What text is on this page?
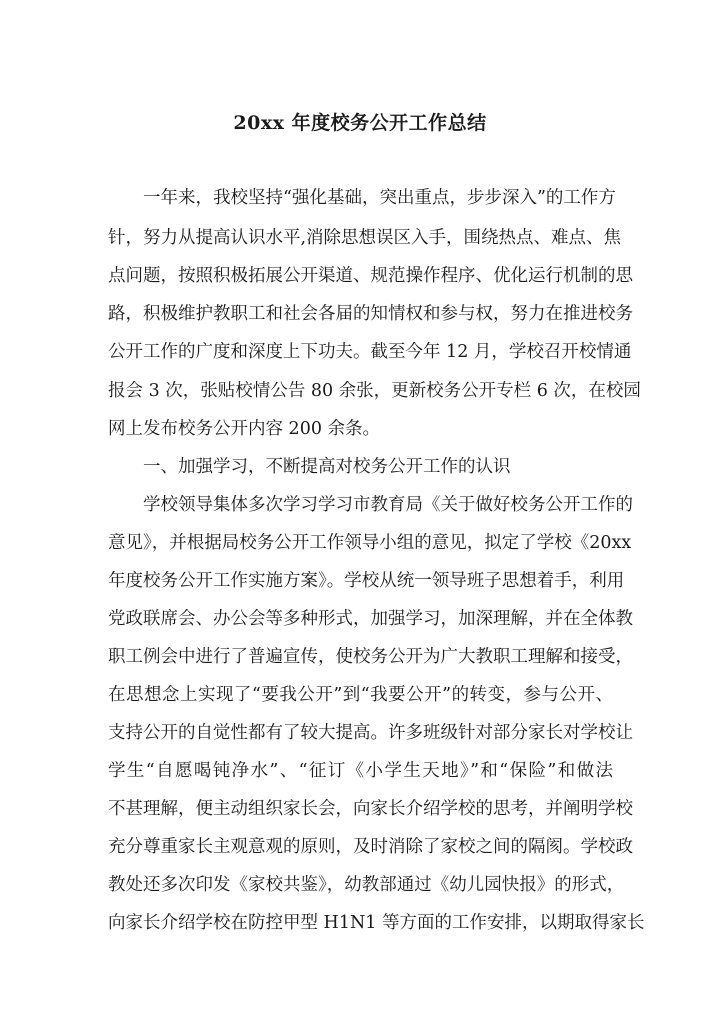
20xx 年度校务公开工作总结
一年来，我校坚持“强化基础，突出重点，步步深入”的工作方
针，努力从提高认识水平,消除思想误区入手，围绕热点、难点、焦
点问题，按照积极拓展公开渠道、规范操作程序、优化运行机制的思
路，积极维护教职工和社会各届的知情权和参与权，努力在推进校务
公开工作的广度和深度上下功夫。截至今年 12 月，学校召开校情通
报会 3 次，张贴校情公告 80 余张，更新校务公开专栏 6 次，在校园
网上发布校务公开内容 200 余条。
一、加强学习，不断提高对校务公开工作的认识
学校领导集体多次学习学习市教育局《关于做好校务公开工作的
意见》，并根据局校务公开工作领导小组的意见，拟定了学校《20xx
年度校务公开工作实施方案》。学校从统一领导班子思想着手，利用
党政联席会、办公会等多种形式，加强学习，加深理解，并在全体教
职工例会中进行了普遍宣传，使校务公开为广大教职工理解和接受，
在思想念上实现了“要我公开”到“我要公开”的转变，参与公开、
支持公开的自觉性都有了较大提高。许多班级针对部分家长对学校让
学生“自愿喝钝净水”、“征订《小学生天地》”和“保险”和做法
不甚理解，便主动组织家长会，向家长介绍学校的思考，并阐明学校
充分尊重家长主观意观的原则，及时消除了家校之间的隔阂。学校政
教处还多次印发《家校共鉴》，幼教部通过《幼儿园快报》的形式，
向家长介绍学校在防控甲型 H1N1 等方面的工作安排，以期取得家长
